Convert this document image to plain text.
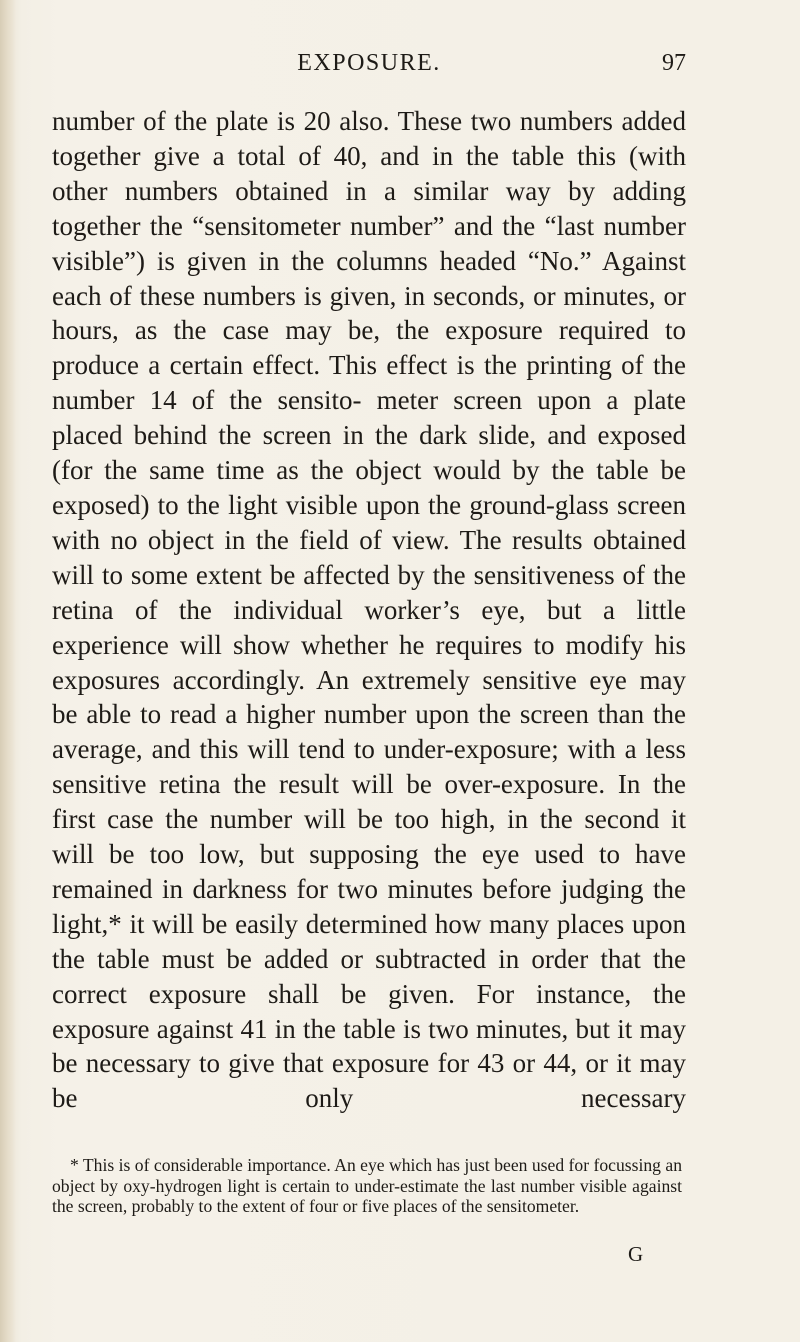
EXPOSURE.	97

number of the plate is 20 also. These two numbers added together give a total of 40, and in the table this (with other numbers obtained in a similar way by adding together the “sensitometer number” and the “last number visible”) is given in the columns headed “No.” Against each of these numbers is given, in seconds, or minutes, or hours, as the case may be, the exposure required to produce a certain effect. This effect is the printing of the number 14 of the sensito- meter screen upon a plate placed behind the screen in the dark slide, and exposed (for the same time as the object would by the table be exposed) to the light visible upon the ground-glass screen with no object in the field of view. The results obtained will to some extent be affected by the sensitiveness of the retina of the individual worker’s eye, but a little experience will show whether he requires to modify his exposures accordingly. An extremely sensitive eye may be able to read a higher number upon the screen than the average, and this will tend to under-exposure; with a less sensitive retina the result will be over-exposure. In the first case the number will be too high, in the second it will be too low, but supposing the eye used to have remained in darkness for two minutes before judging the light,* it will be easily determined how many places upon the table must be added or subtracted in order that the correct exposure shall be given. For instance, the exposure against 41 in the table is two minutes, but it may be necessary to give that exposure for 43 or 44, or it may be only necessary

* This is of considerable importance. An eye which has just been used for focussing an object by oxy-hydrogen light is certain to under-estimate the last number visible against the screen, probably to the extent of four or five places of the sensitometer.

G
